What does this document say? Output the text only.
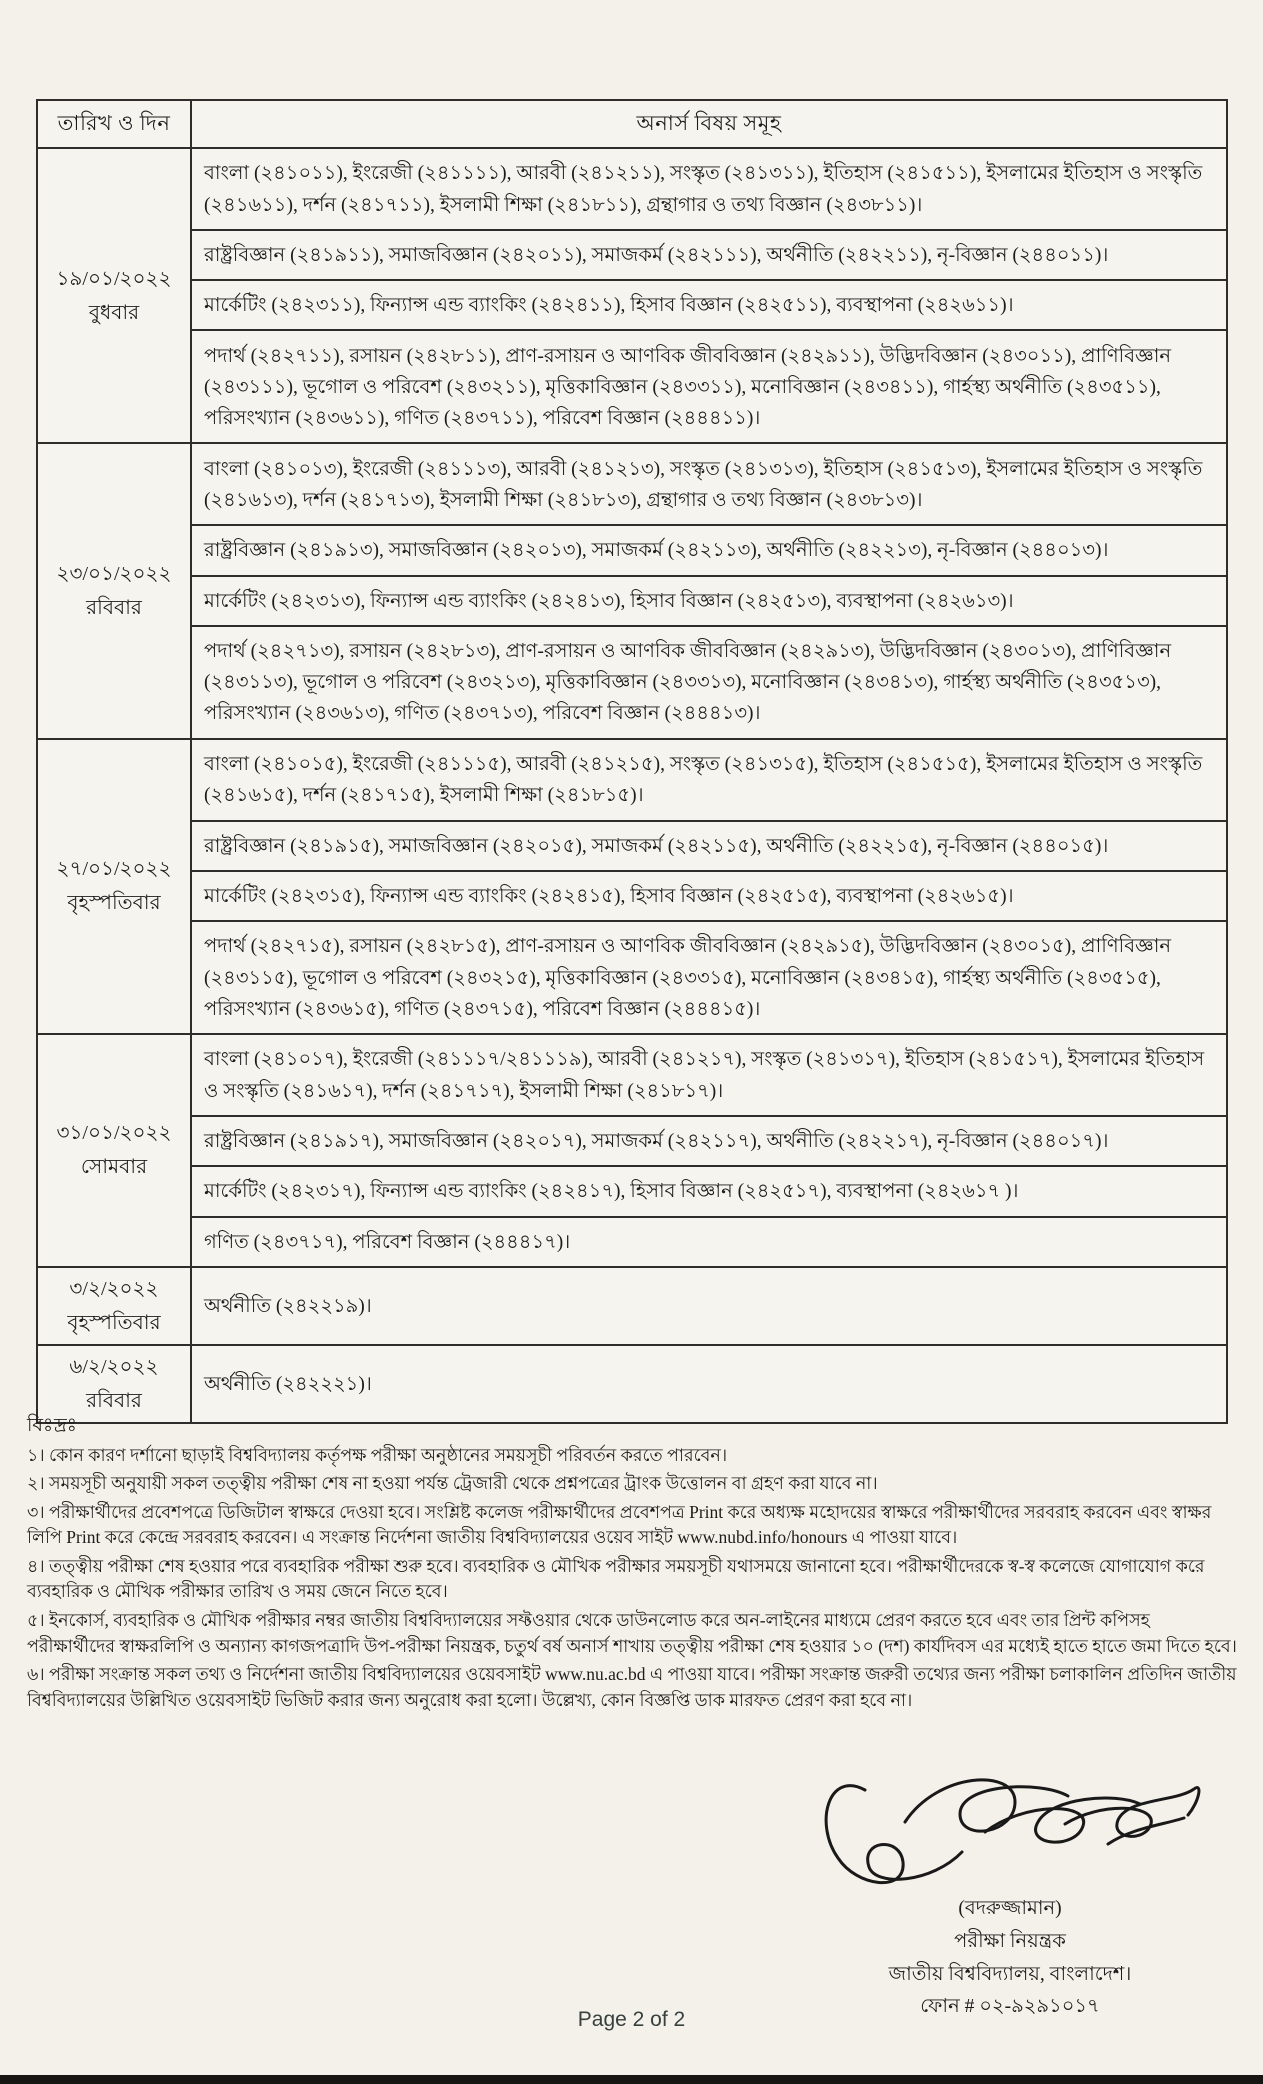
তারিখ ও দিন	অনার্স বিষয় সমূহ

১৯/০১/২০২২
বুধবার	বাংলা (২৪১০১১), ইংরেজী (২৪১১১১), আরবী (২৪১২১১), সংস্কৃত (২৪১৩১১), ইতিহাস (২৪১৫১১), ইসলামের ইতিহাস ও সংস্কৃতি (২৪১৬১১), দর্শন (২৪১৭১১), ইসলামী শিক্ষা (২৪১৮১১), গ্রন্থাগার ও তথ্য বিজ্ঞান (২৪৩৮১১)।
	রাষ্ট্রবিজ্ঞান (২৪১৯১১), সমাজবিজ্ঞান (২৪২০১১), সমাজকর্ম (২৪২১১১), অর্থনীতি (২৪২২১১), নৃ-বিজ্ঞান (২৪৪০১১)।
	মার্কেটিং (২৪২৩১১), ফিন্যান্স এন্ড ব্যাংকিং (২৪২৪১১), হিসাব বিজ্ঞান (২৪২৫১১), ব্যবস্থাপনা (২৪২৬১১)।
	পদার্থ (২৪২৭১১), রসায়ন (২৪২৮১১), প্রাণ-রসায়ন ও আণবিক জীববিজ্ঞান (২৪২৯১১), উদ্ভিদবিজ্ঞান (২৪৩০১১), প্রাণিবিজ্ঞান (২৪৩১১১), ভূগোল ও পরিবেশ (২৪৩২১১), মৃত্তিকাবিজ্ঞান (২৪৩৩১১), মনোবিজ্ঞান (২৪৩৪১১), গার্হস্থ্য অর্থনীতি (২৪৩৫১১), পরিসংখ্যান (২৪৩৬১১), গণিত (২৪৩৭১১), পরিবেশ বিজ্ঞান (২৪৪৪১১)।

২৩/০১/২০২২
রবিবার	বাংলা (২৪১০১৩), ইংরেজী (২৪১১১৩), আরবী (২৪১২১৩), সংস্কৃত (২৪১৩১৩), ইতিহাস (২৪১৫১৩), ইসলামের ইতিহাস ও সংস্কৃতি (২৪১৬১৩), দর্শন (২৪১৭১৩), ইসলামী শিক্ষা (২৪১৮১৩), গ্রন্থাগার ও তথ্য বিজ্ঞান (২৪৩৮১৩)।
	রাষ্ট্রবিজ্ঞান (২৪১৯১৩), সমাজবিজ্ঞান (২৪২০১৩), সমাজকর্ম (২৪২১১৩), অর্থনীতি (২৪২২১৩), নৃ-বিজ্ঞান (২৪৪০১৩)।
	মার্কেটিং (২৪২৩১৩), ফিন্যান্স এন্ড ব্যাংকিং (২৪২৪১৩), হিসাব বিজ্ঞান (২৪২৫১৩), ব্যবস্থাপনা (২৪২৬১৩)।
	পদার্থ (২৪২৭১৩), রসায়ন (২৪২৮১৩), প্রাণ-রসায়ন ও আণবিক জীববিজ্ঞান (২৪২৯১৩), উদ্ভিদবিজ্ঞান (২৪৩০১৩), প্রাণিবিজ্ঞান (২৪৩১১৩), ভূগোল ও পরিবেশ (২৪৩২১৩), মৃত্তিকাবিজ্ঞান (২৪৩৩১৩), মনোবিজ্ঞান (২৪৩৪১৩), গার্হস্থ্য অর্থনীতি (২৪৩৫১৩), পরিসংখ্যান (২৪৩৬১৩), গণিত (২৪৩৭১৩), পরিবেশ বিজ্ঞান (২৪৪৪১৩)।

২৭/০১/২০২২
বৃহস্পতিবার	বাংলা (২৪১০১৫), ইংরেজী (২৪১১১৫), আরবী (২৪১২১৫), সংস্কৃত (২৪১৩১৫), ইতিহাস (২৪১৫১৫), ইসলামের ইতিহাস ও সংস্কৃতি (২৪১৬১৫), দর্শন (২৪১৭১৫), ইসলামী শিক্ষা (২৪১৮১৫)।
	রাষ্ট্রবিজ্ঞান (২৪১৯১৫), সমাজবিজ্ঞান (২৪২০১৫), সমাজকর্ম (২৪২১১৫), অর্থনীতি (২৪২২১৫), নৃ-বিজ্ঞান (২৪৪০১৫)।
	মার্কেটিং (২৪২৩১৫), ফিন্যান্স এন্ড ব্যাংকিং (২৪২৪১৫), হিসাব বিজ্ঞান (২৪২৫১৫), ব্যবস্থাপনা (২৪২৬১৫)।
	পদার্থ (২৪২৭১৫), রসায়ন (২৪২৮১৫), প্রাণ-রসায়ন ও আণবিক জীববিজ্ঞান (২৪২৯১৫), উদ্ভিদবিজ্ঞান (২৪৩০১৫), প্রাণিবিজ্ঞান (২৪৩১১৫), ভূগোল ও পরিবেশ (২৪৩২১৫), মৃত্তিকাবিজ্ঞান (২৪৩৩১৫), মনোবিজ্ঞান (২৪৩৪১৫), গার্হস্থ্য অর্থনীতি (২৪৩৫১৫), পরিসংখ্যান (২৪৩৬১৫), গণিত (২৪৩৭১৫), পরিবেশ বিজ্ঞান (২৪৪৪১৫)।

৩১/০১/২০২২
সোমবার	বাংলা (২৪১০১৭), ইংরেজী (২৪১১১৭/২৪১১১৯), আরবী (২৪১২১৭), সংস্কৃত (২৪১৩১৭), ইতিহাস (২৪১৫১৭), ইসলামের ইতিহাস ও সংস্কৃতি (২৪১৬১৭), দর্শন (২৪১৭১৭), ইসলামী শিক্ষা (২৪১৮১৭)।
	রাষ্ট্রবিজ্ঞান (২৪১৯১৭), সমাজবিজ্ঞান (২৪২০১৭), সমাজকর্ম (২৪২১১৭), অর্থনীতি (২৪২২১৭), নৃ-বিজ্ঞান (২৪৪০১৭)।
	মার্কেটিং (২৪২৩১৭), ফিন্যান্স এন্ড ব্যাংকিং (২৪২৪১৭), হিসাব বিজ্ঞান (২৪২৫১৭), ব্যবস্থাপনা (২৪২৬১৭ )।
	গণিত (২৪৩৭১৭), পরিবেশ বিজ্ঞান (২৪৪৪১৭)।

৩/২/২০২২
বৃহস্পতিবার	অর্থনীতি (২৪২২১৯)।

৬/২/২০২২
রবিবার	অর্থনীতি (২৪২২২১)।
বিঃদ্রঃ

১। কোন কারণ দর্শানো ছাড়াই বিশ্ববিদ্যালয় কর্তৃপক্ষ পরীক্ষা অনুষ্ঠানের সময়সূচী পরিবর্তন করতে পারবেন।

২। সময়সূচী অনুযায়ী সকল তত্ত্বীয় পরীক্ষা শেষ না হওয়া পর্যন্ত ট্রেজারী থেকে প্রশ্নপত্রের ট্রাংক উত্তোলন বা গ্রহণ করা যাবে না।

৩। পরীক্ষার্থীদের প্রবেশপত্রে ডিজিটাল স্বাক্ষরে দেওয়া হবে। সংশ্লিষ্ট কলেজ পরীক্ষার্থীদের প্রবেশপত্র Print করে অধ্যক্ষ মহোদয়ের স্বাক্ষরে পরীক্ষার্থীদের সরবরাহ করবেন এবং স্বাক্ষর লিপি Print করে কেন্দ্রে সরবরাহ করবেন। এ সংক্রান্ত নির্দেশনা জাতীয় বিশ্ববিদ্যালয়ের ওয়েব সাইট www.nubd.info/honours এ পাওয়া যাবে।

৪। তত্ত্বীয় পরীক্ষা শেষ হওয়ার পরে ব্যবহারিক পরীক্ষা শুরু হবে। ব্যবহারিক ও মৌখিক পরীক্ষার সময়সূচী যথাসময়ে জানানো হবে। পরীক্ষার্থীদেরকে স্ব-স্ব কলেজে যোগাযোগ করে ব্যবহারিক ও মৌখিক পরীক্ষার তারিখ ও সময় জেনে নিতে হবে।

৫। ইনকোর্স, ব্যবহারিক ও মৌখিক পরীক্ষার নম্বর জাতীয় বিশ্ববিদ্যালয়ের সফ্টওয়ার থেকে ডাউনলোড করে অন-লাইনের মাধ্যমে প্রেরণ করতে হবে এবং তার প্রিন্ট কপিসহ পরীক্ষার্থীদের স্বাক্ষরলিপি ও অন্যান্য কাগজপত্রাদি উপ-পরীক্ষা নিয়ন্ত্রক, চতুর্থ বর্ষ অনার্স শাখায় তত্ত্বীয় পরীক্ষা শেষ হওয়ার ১০ (দশ) কার্যদিবস এর মধ্যেই হাতে হাতে জমা দিতে হবে।

৬। পরীক্ষা সংক্রান্ত সকল তথ্য ও নির্দেশনা জাতীয় বিশ্ববিদ্যালয়ের ওয়েবসাইট www.nu.ac.bd এ পাওয়া যাবে। পরীক্ষা সংক্রান্ত জরুরী তথ্যের জন্য পরীক্ষা চলাকালিন প্রতিদিন জাতীয় বিশ্ববিদ্যালয়ের উল্লিখিত ওয়েবসাইট ভিজিট করার জন্য অনুরোধ করা হলো। উল্লেখ্য, কোন বিজ্ঞপ্তি ডাক মারফত প্রেরণ করা হবে না।

(বদরুজ্জামান)
পরীক্ষা নিয়ন্ত্রক
জাতীয় বিশ্ববিদ্যালয়, বাংলাদেশ।
ফোন # ০২-৯২৯১০১৭
Page 2 of 2
